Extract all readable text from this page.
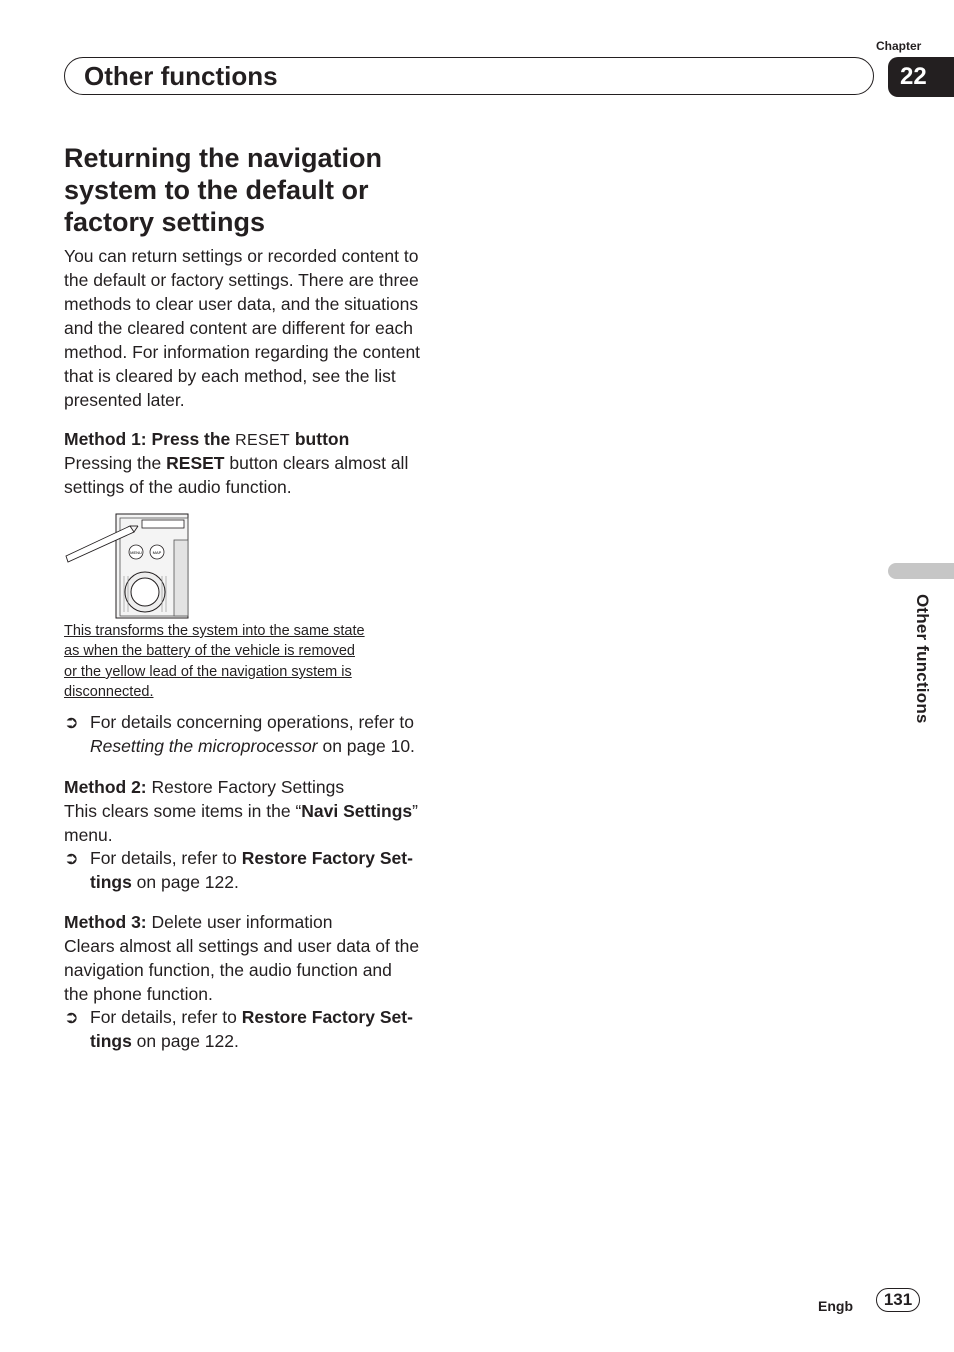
Other functions
Chapter
22
Other functions
Returning the navigation
system to the default or
factory settings
You can return settings or recorded content to
the default or factory settings. There are three
methods to clear user data, and the situations
and the cleared content are different for each
method. For information regarding the content
that is cleared by each method, see the list
presented later.
Method 1: Press the RESET button
Pressing the RESET button clears almost all
settings of the audio function.
MENU	MAP
This transforms the system into the same state
as when the battery of the vehicle is removed
or the yellow lead of the navigation system is
disconnected.
➲ For details concerning operations, refer to
Resetting the microprocessor on page 10.
Method 2: Restore Factory Settings
This clears some items in the “Navi Settings”
menu.
➲ For details, refer to Restore Factory Set-
tings on page 122.
Method 3: Delete user information
Clears almost all settings and user data of the
navigation function, the audio function and
the phone function.
➲ For details, refer to Restore Factory Set-
tings on page 122.
Engb	131
